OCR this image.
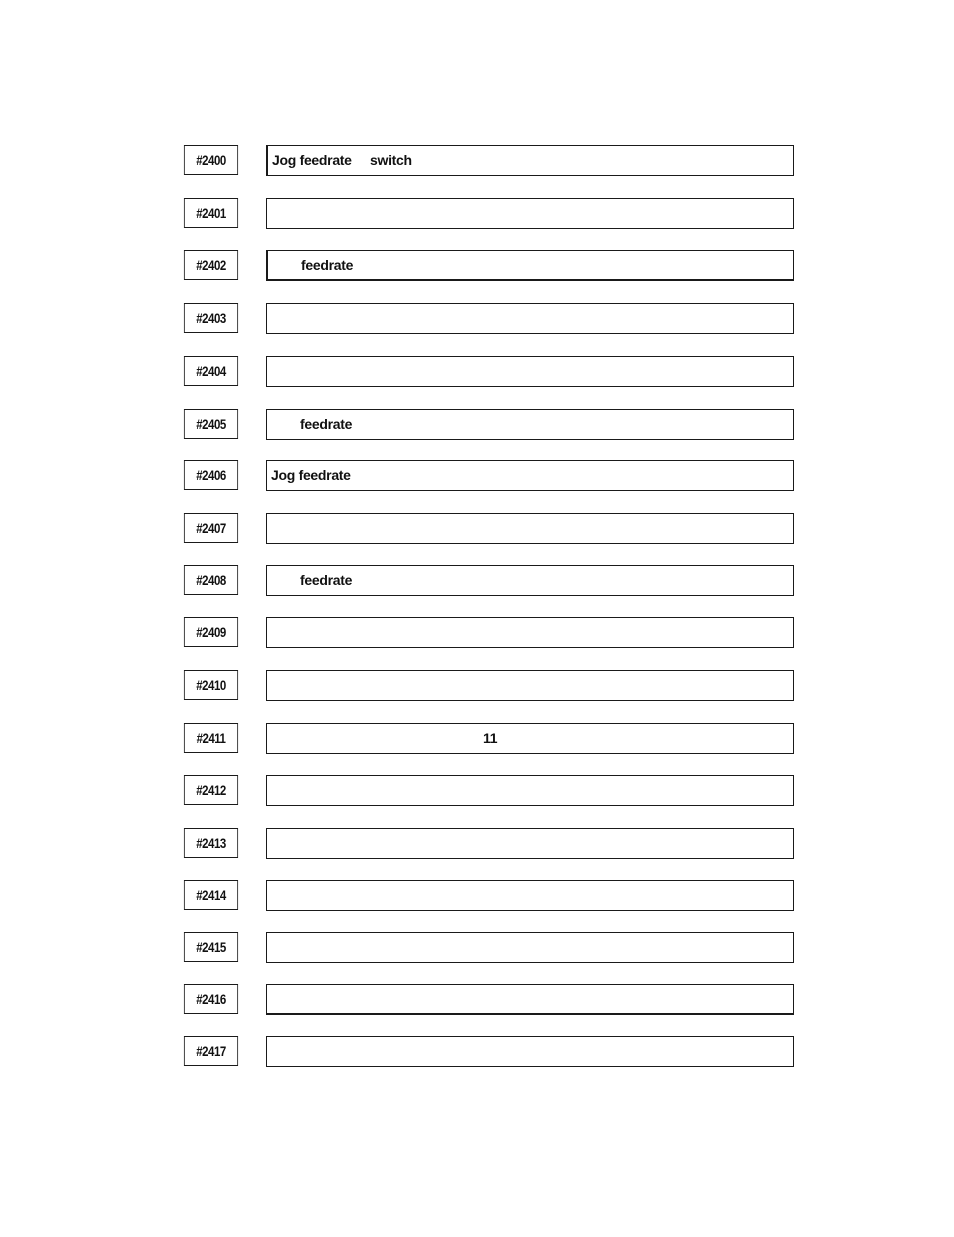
#2400	Jog feedrate switch
#2401
#2402	feedrate
#2403
#2404
#2405	feedrate
#2406	Jog feedrate
#2407
#2408	feedrate
#2409
#2410
#2411	11
#2412
#2413
#2414
#2415
#2416
#2417
